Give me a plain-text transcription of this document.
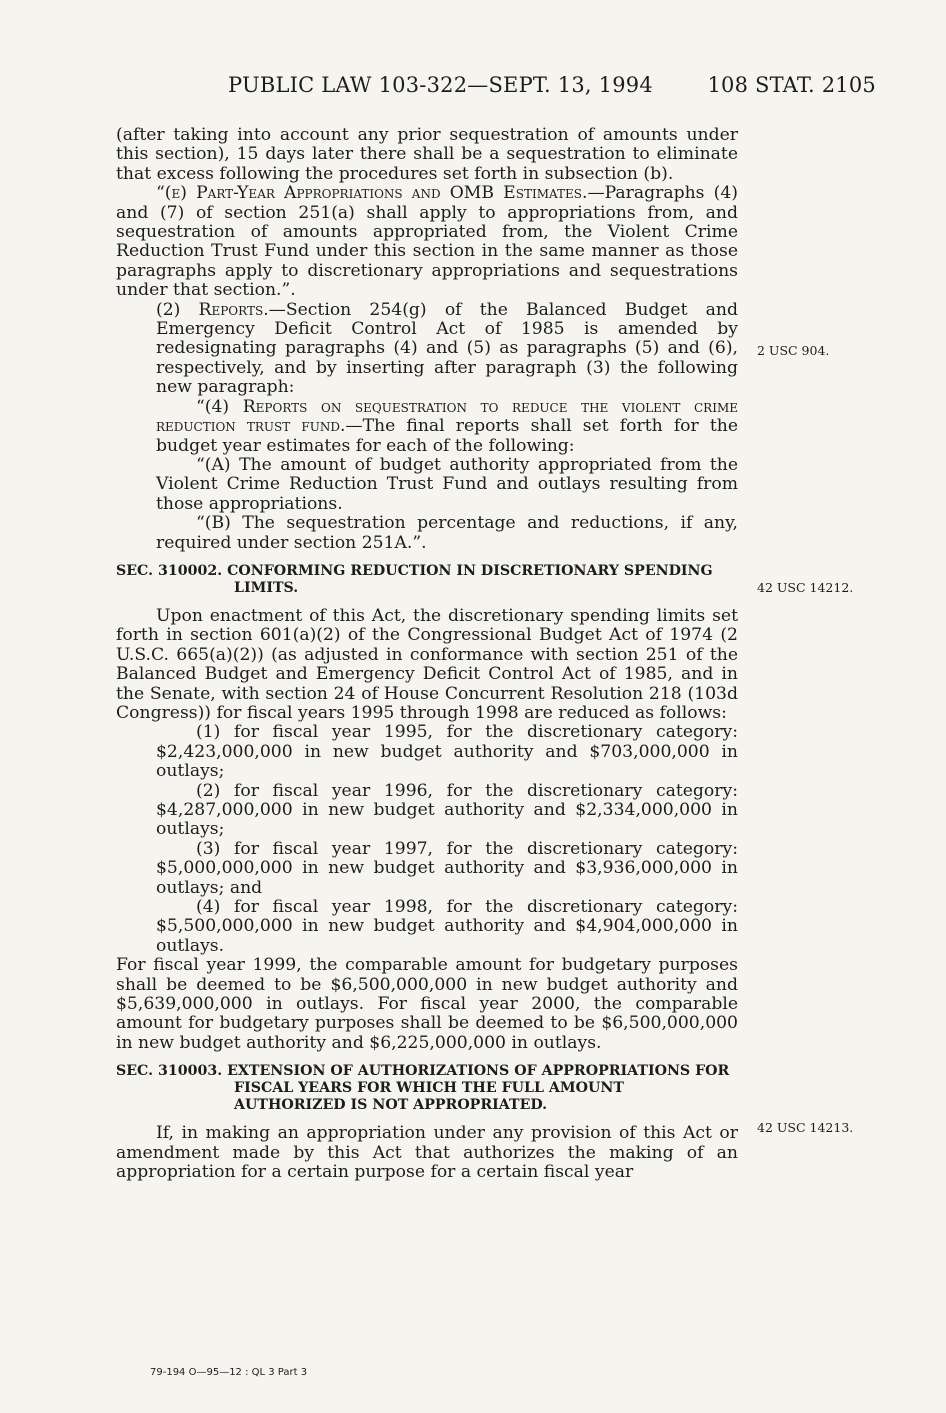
PUBLIC LAW 103-322—SEPT. 13, 1994	108 STAT. 2105

(after taking into account any prior sequestration of amounts under this section), 15 days later there shall be a sequestration to eliminate that excess following the procedures set forth in subsection (b).

“(e) Part-Year Appropriations and OMB Estimates.—Paragraphs (4) and (7) of section 251(a) shall apply to appropriations from, and sequestration of amounts appropriated from, the Violent Crime Reduction Trust Fund under this section in the same manner as those paragraphs apply to discretionary appropriations and sequestrations under that section.”.

(2) Reports.—Section 254(g) of the Balanced Budget and Emergency Deficit Control Act of 1985 is amended by redesignating paragraphs (4) and (5) as paragraphs (5) and (6), respectively, and by inserting after paragraph (3) the following new paragraph:

“(4) Reports on sequestration to reduce the violent crime reduction trust fund.—The final reports shall set forth for the budget year estimates for each of the following:

“(A) The amount of budget authority appropriated from the Violent Crime Reduction Trust Fund and outlays resulting from those appropriations.

“(B) The sequestration percentage and reductions, if any, required under section 251A.”.

SEC. 310002. CONFORMING REDUCTION IN DISCRETIONARY SPENDING LIMITS.

Upon enactment of this Act, the discretionary spending limits set forth in section 601(a)(2) of the Congressional Budget Act of 1974 (2 U.S.C. 665(a)(2)) (as adjusted in conformance with section 251 of the Balanced Budget and Emergency Deficit Control Act of 1985, and in the Senate, with section 24 of House Concurrent Resolution 218 (103d Congress)) for fiscal years 1995 through 1998 are reduced as follows:

(1) for fiscal year 1995, for the discretionary category: $2,423,000,000 in new budget authority and $703,000,000 in outlays;

(2) for fiscal year 1996, for the discretionary category: $4,287,000,000 in new budget authority and $2,334,000,000 in outlays;

(3) for fiscal year 1997, for the discretionary category: $5,000,000,000 in new budget authority and $3,936,000,000 in outlays; and

(4) for fiscal year 1998, for the discretionary category: $5,500,000,000 in new budget authority and $4,904,000,000 in outlays.

For fiscal year 1999, the comparable amount for budgetary purposes shall be deemed to be $6,500,000,000 in new budget authority and $5,639,000,000 in outlays. For fiscal year 2000, the comparable amount for budgetary purposes shall be deemed to be $6,500,000,000 in new budget authority and $6,225,000,000 in outlays.

SEC. 310003. EXTENSION OF AUTHORIZATIONS OF APPROPRIATIONS FOR FISCAL YEARS FOR WHICH THE FULL AMOUNT AUTHORIZED IS NOT APPROPRIATED.

If, in making an appropriation under any provision of this Act or amendment made by this Act that authorizes the making of an appropriation for a certain purpose for a certain fiscal year

2 USC 904.
42 USC 14212.
42 USC 14213.
79-194 O—95—12 : QL 3 Part 3
